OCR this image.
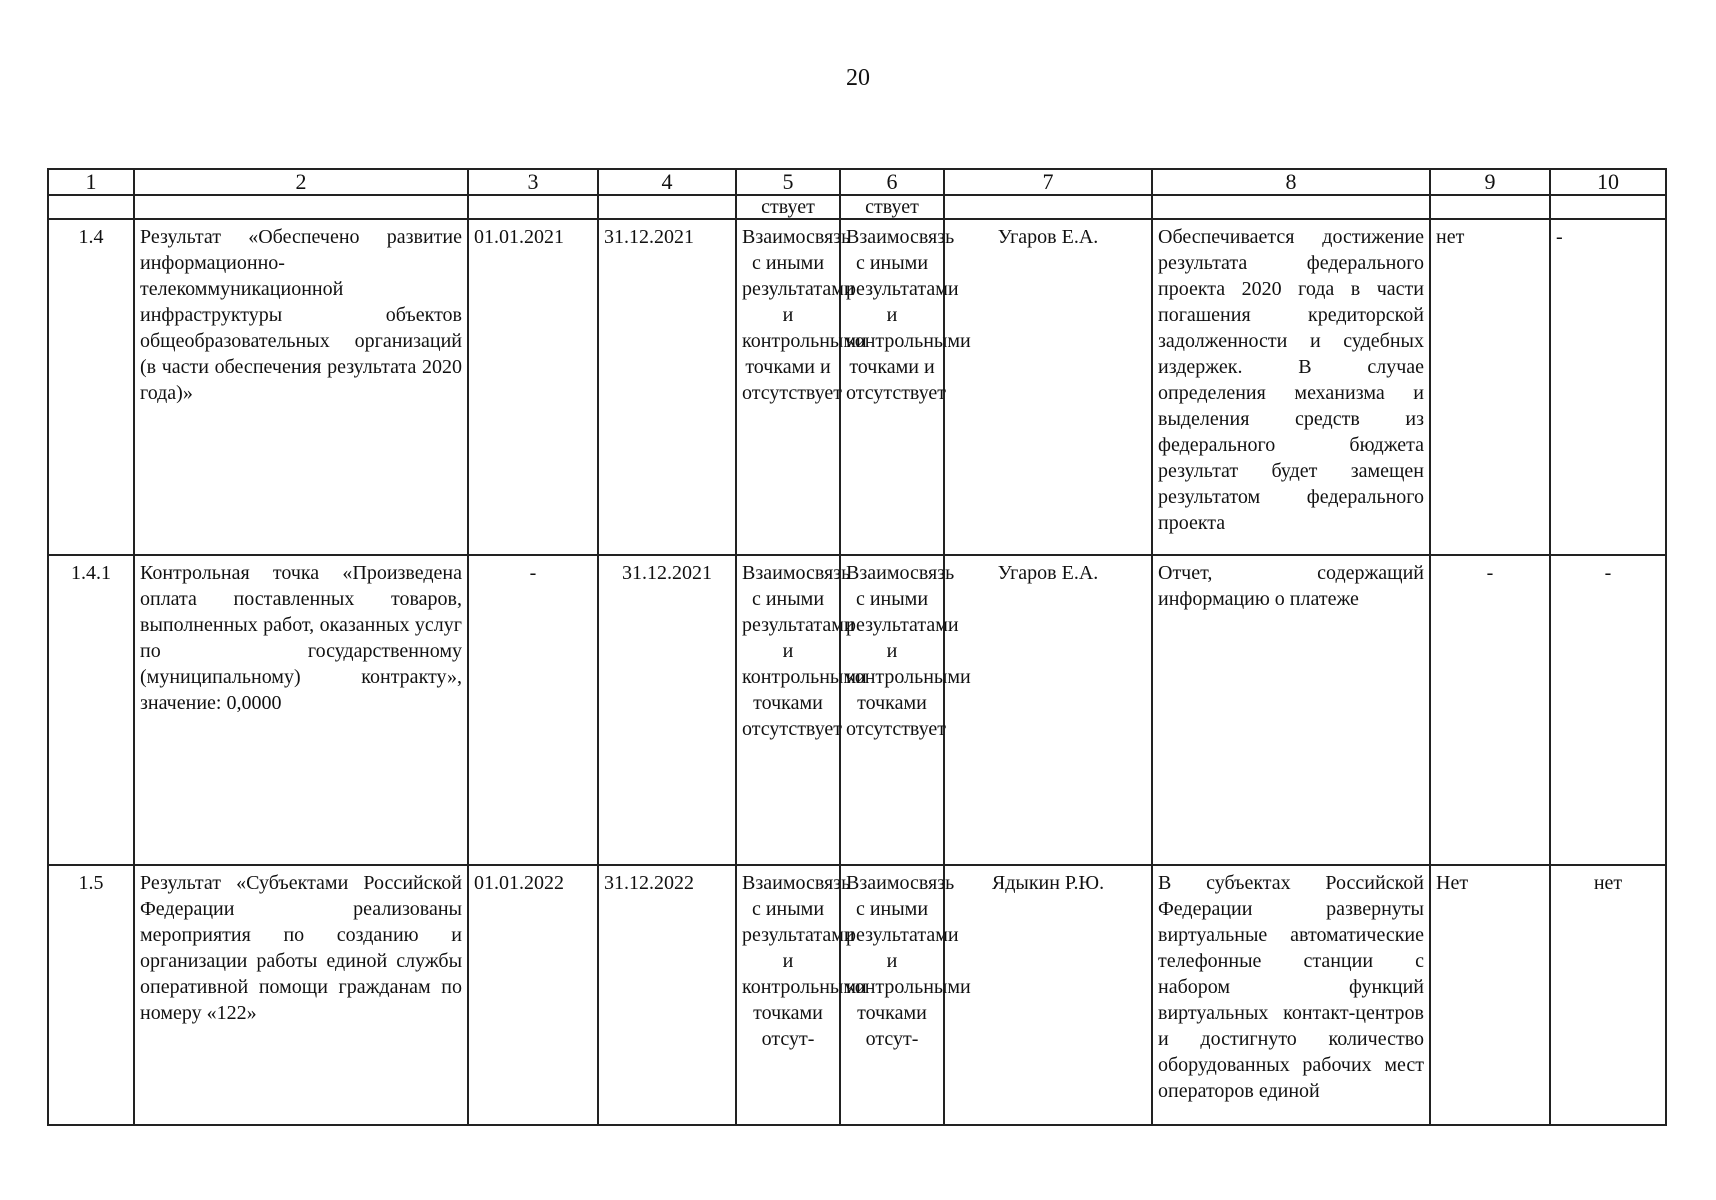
20
1	2	3	4	5	6	7	8	9	10
				ствует	ствует				
1.4	Результат «Обеспечено развитие информационно-телекоммуникационной инфраструктуры объектов общеобразовательных организаций (в части обеспечения результата 2020 года)»	01.01.2021	31.12.2021	Взаимосвязь с иными результатами и контрольными точками и отсутствует	Взаимосвязь с иными результатами и контрольными точками и отсутствует	Угаров Е.А.	Обеспечивается достижение результата федерального проекта 2020 года в части погашения кредиторской задолженности и судебных издержек. В случае определения механизма и выделения средств из федерального бюджета результат будет замещен результатом федерального проекта	нет	-
1.4.1	Контрольная точка «Произведена оплата поставленных товаров, выполненных работ, оказанных услуг по государственному (муниципальному) контракту», значение: 0,0000	-	31.12.2021	Взаимосвязь с иными результатами и контрольными точками отсутствует	Взаимосвязь с иными результатами и контрольными точками отсутствует	Угаров Е.А.	Отчет, содержащий информацию о платеже	-	-
1.5	Результат «Субъектами Российской Федерации реализованы мероприятия по созданию и организации работы единой службы оперативной помощи гражданам по номеру «122»	01.01.2022	31.12.2022	Взаимосвязь с иными результатами и контрольными точками отсут-	Взаимосвязь с иными результатами и контрольными точками отсут-	Ядыкин Р.Ю.	В субъектах Российской Федерации развернуты виртуальные автоматические телефонные станции с набором функций виртуальных контакт-центров и достигнуто количество оборудованных рабочих мест операторов единой	Нет	нет
